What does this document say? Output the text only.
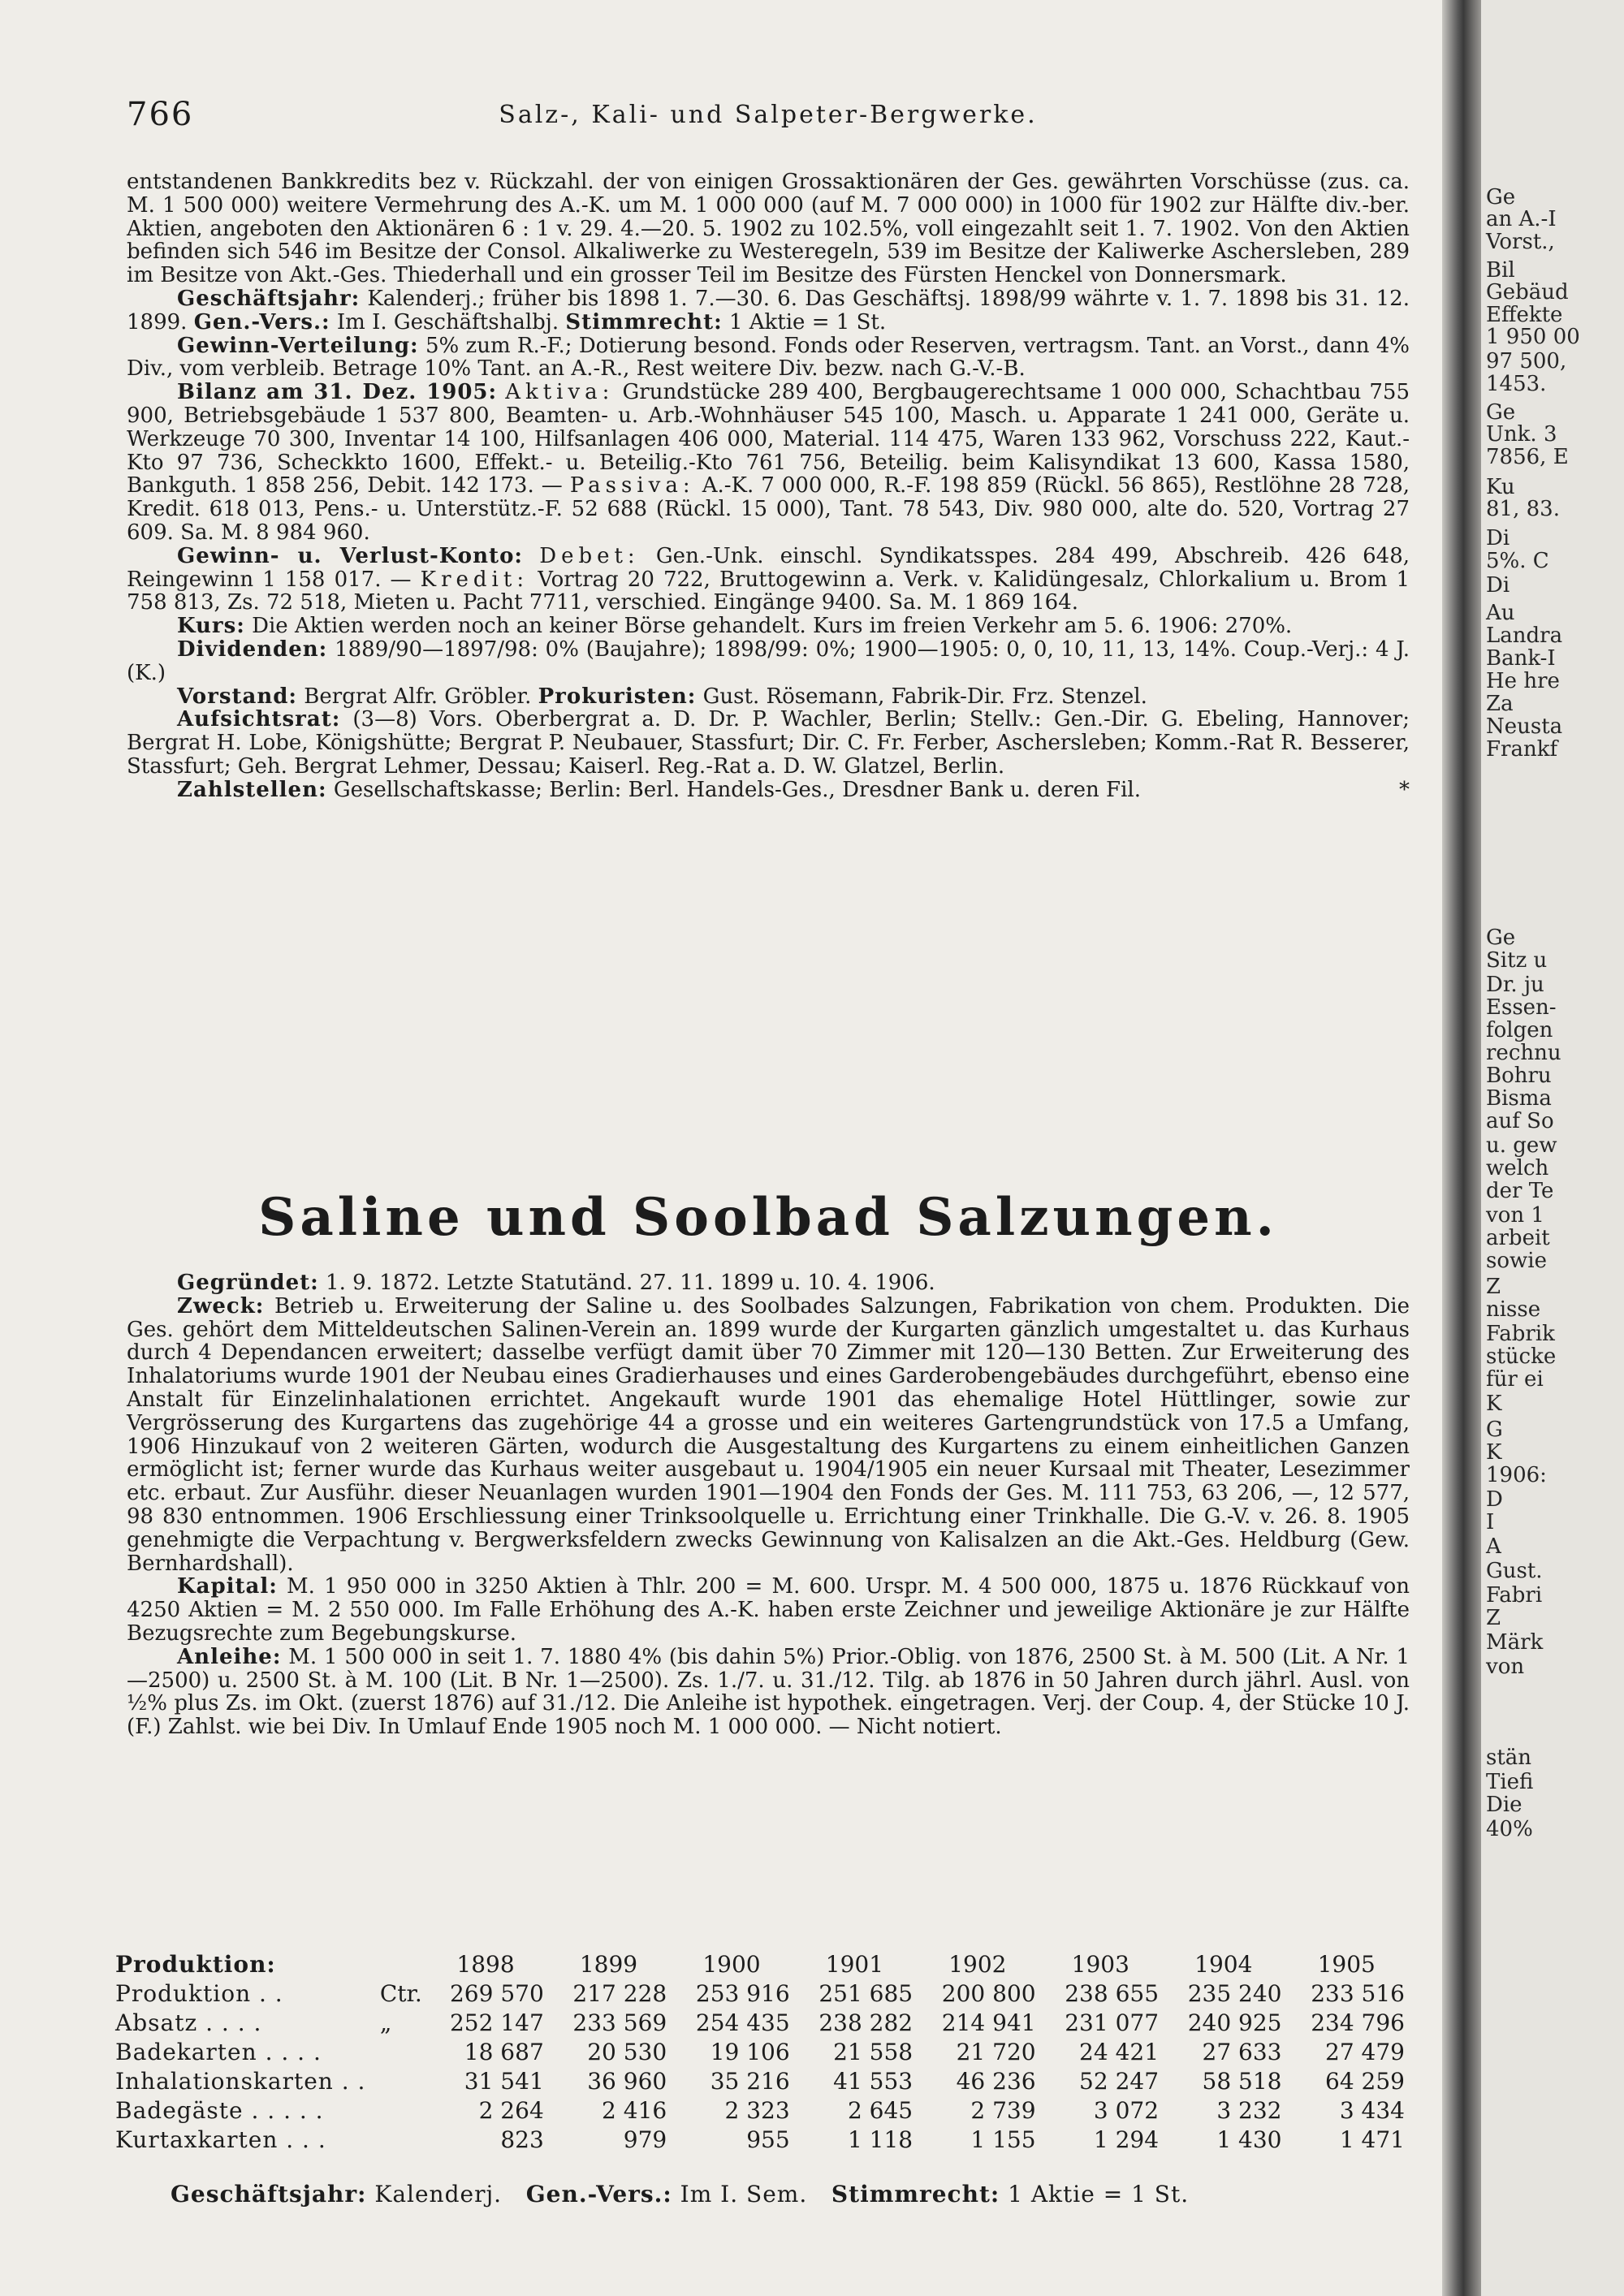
766	Salz-, Kali- und Salpeter-Bergwerke.

entstandenen Bankkredits bez v. Rückzahl. der von einigen Grossaktionären der Ges. gewährten Vorschüsse (zus. ca. M. 1 500 000) weitere Vermehrung des A.-K. um M. 1 000 000 (auf M. 7 000 000) in 1000 für 1902 zur Hälfte div.-ber. Aktien, angeboten den Aktionären 6 : 1 v. 29. 4.—20. 5. 1902 zu 102.5%, voll eingezahlt seit 1. 7. 1902. Von den Aktien befinden sich 546 im Besitze der Consol. Alkaliwerke zu Westeregeln, 539 im Besitze der Kaliwerke Aschersleben, 289 im Besitze von Akt.-Ges. Thiederhall und ein grosser Teil im Besitze des Fürsten Henckel von Donnersmark.

Geschäftsjahr: Kalenderj.; früher bis 1898 1. 7.—30. 6. Das Geschäftsj. 1898/99 währte v. 1. 7. 1898 bis 31. 12. 1899. Gen.-Vers.: Im I. Geschäftshalbj. Stimmrecht: 1 Aktie = 1 St.

Gewinn-Verteilung: 5% zum R.-F.; Dotierung besond. Fonds oder Reserven, vertragsm. Tant. an Vorst., dann 4% Div., vom verbleib. Betrage 10% Tant. an A.-R., Rest weitere Div. bezw. nach G.-V.-B.

Bilanz am 31. Dez. 1905: Aktiva: Grundstücke 289 400, Bergbaugerechtsame 1 000 000, Schachtbau 755 900, Betriebsgebäude 1 537 800, Beamten- u. Arb.-Wohnhäuser 545 100, Masch. u. Apparate 1 241 000, Geräte u. Werkzeuge 70 300, Inventar 14 100, Hilfsanlagen 406 000, Material. 114 475, Waren 133 962, Vorschuss 222, Kaut.-Kto 97 736, Scheckkto 1600, Effekt.- u. Beteilig.-Kto 761 756, Beteilig. beim Kalisyndikat 13 600, Kassa 1580, Bankguth. 1 858 256, Debit. 142 173. — Passiva: A.-K. 7 000 000, R.-F. 198 859 (Rückl. 56 865), Restlöhne 28 728, Kredit. 618 013, Pens.- u. Unterstütz.-F. 52 688 (Rückl. 15 000), Tant. 78 543, Div. 980 000, alte do. 520, Vortrag 27 609. Sa. M. 8 984 960.

Gewinn- u. Verlust-Konto: Debet: Gen.-Unk. einschl. Syndikatsspes. 284 499, Abschreib. 426 648, Reingewinn 1 158 017. — Kredit: Vortrag 20 722, Bruttogewinn a. Verk. v. Kalidüngesalz, Chlorkalium u. Brom 1 758 813, Zs. 72 518, Mieten u. Pacht 7711, verschied. Eingänge 9400. Sa. M. 1 869 164.

Kurs: Die Aktien werden noch an keiner Börse gehandelt. Kurs im freien Verkehr am 5. 6. 1906: 270%.

Dividenden: 1889/90—1897/98: 0% (Baujahre); 1898/99: 0%; 1900—1905: 0, 0, 10, 11, 13, 14%. Coup.-Verj.: 4 J. (K.)

Vorstand: Bergrat Alfr. Gröbler. Prokuristen: Gust. Rösemann, Fabrik-Dir. Frz. Stenzel.

Aufsichtsrat: (3—8) Vors. Oberbergrat a. D. Dr. P. Wachler, Berlin; Stellv.: Gen.-Dir. G. Ebeling, Hannover; Bergrat H. Lobe, Königshütte; Bergrat P. Neubauer, Stassfurt; Dir. C. Fr. Ferber, Aschersleben; Komm.-Rat R. Besserer, Stassfurt; Geh. Bergrat Lehmer, Dessau; Kaiserl. Reg.-Rat a. D. W. Glatzel, Berlin.

Zahlstellen: Gesellschaftskasse; Berlin: Berl. Handels-Ges., Dresdner Bank u. deren Fil.	*

Saline und Soolbad Salzungen.

Gegründet: 1. 9. 1872. Letzte Statutänd. 27. 11. 1899 u. 10. 4. 1906.

Zweck: Betrieb u. Erweiterung der Saline u. des Soolbades Salzungen, Fabrikation von chem. Produkten. Die Ges. gehört dem Mitteldeutschen Salinen-Verein an. 1899 wurde der Kurgarten gänzlich umgestaltet u. das Kurhaus durch 4 Dependancen erweitert; dasselbe verfügt damit über 70 Zimmer mit 120—130 Betten. Zur Erweiterung des Inhalatoriums wurde 1901 der Neubau eines Gradierhauses und eines Garderobengebäudes durchgeführt, ebenso eine Anstalt für Einzelinhalationen errichtet. Angekauft wurde 1901 das ehemalige Hotel Hüttlinger, sowie zur Vergrösserung des Kurgartens das zugehörige 44 a grosse und ein weiteres Gartengrundstück von 17.5 a Umfang, 1906 Hinzukauf von 2 weiteren Gärten, wodurch die Ausgestaltung des Kurgartens zu einem einheitlichen Ganzen ermöglicht ist; ferner wurde das Kurhaus weiter ausgebaut u. 1904/1905 ein neuer Kursaal mit Theater, Lesezimmer etc. erbaut. Zur Ausführ. dieser Neuanlagen wurden 1901—1904 den Fonds der Ges. M. 111 753, 63 206, —, 12 577, 98 830 entnommen. 1906 Erschliessung einer Trinksoolquelle u. Errichtung einer Trinkhalle. Die G.-V. v. 26. 8. 1905 genehmigte die Verpachtung v. Bergwerksfeldern zwecks Gewinnung von Kalisalzen an die Akt.-Ges. Heldburg (Gew. Bernhardshall).

Kapital: M. 1 950 000 in 3250 Aktien à Thlr. 200 = M. 600. Urspr. M. 4 500 000, 1875 u. 1876 Rückkauf von 4250 Aktien = M. 2 550 000. Im Falle Erhöhung des A.-K. haben erste Zeichner und jeweilige Aktionäre je zur Hälfte Bezugsrechte zum Begebungskurse.

Anleihe: M. 1 500 000 in seit 1. 7. 1880 4% (bis dahin 5%) Prior.-Oblig. von 1876, 2500 St. à M. 500 (Lit. A Nr. 1—2500) u. 2500 St. à M. 100 (Lit. B Nr. 1—2500). Zs. 1./7. u. 31./12. Tilg. ab 1876 in 50 Jahren durch jährl. Ausl. von ½% plus Zs. im Okt. (zuerst 1876) auf 31./12. Die Anleihe ist hypothek. eingetragen. Verj. der Coup. 4, der Stücke 10 J. (F.) Zahlst. wie bei Div. In Umlauf Ende 1905 noch M. 1 000 000. — Nicht notiert.

Produktion:		1898	1899	1900	1901	1902	1903	1904	1905
Produktion . .	Ctr.	269 570	217 228	253 916	251 685	200 800	238 655	235 240	233 516
Absatz . . . .	„	252 147	233 569	254 435	238 282	214 941	231 077	240 925	234 796
Badekarten . . . .		18 687	20 530	19 106	21 558	21 720	24 421	27 633	27 479
Inhalationskarten . .		31 541	36 960	35 216	41 553	46 236	52 247	58 518	64 259
Badegäste . . . . .		2 264	2 416	2 323	2 645	2 739	3 072	3 232	3 434
Kurtaxkarten . . .		823	979	955	1 118	1 155	1 294	1 430	1 471
Geschäftsjahr: Kalenderj. Gen.-Vers.: Im I. Sem. Stimmrecht: 1 Aktie = 1 St.
Ge
an A.-I
Vorst.,
Bil
Gebäud
Effekte
1 950 00
97 500,
1453.
Ge
Unk. 3
7856, E
Ku
81, 83.
Di
5%. C
Di
Au
Landra
Bank-I
He hre
Za
Neusta
Frankf
Ge
Sitz u
Dr. ju
Essen-
folgen
rechnu
Bohru
Bisma
auf So
u. gew
welch
der Te
von 1
arbeit
sowie
Z
nisse
Fabrik
stücke
für ei
K
G
K
1906:
D
I
A
Gust.
Fabri
Z
Märk
von
stän
Tiefi
Die
40%
